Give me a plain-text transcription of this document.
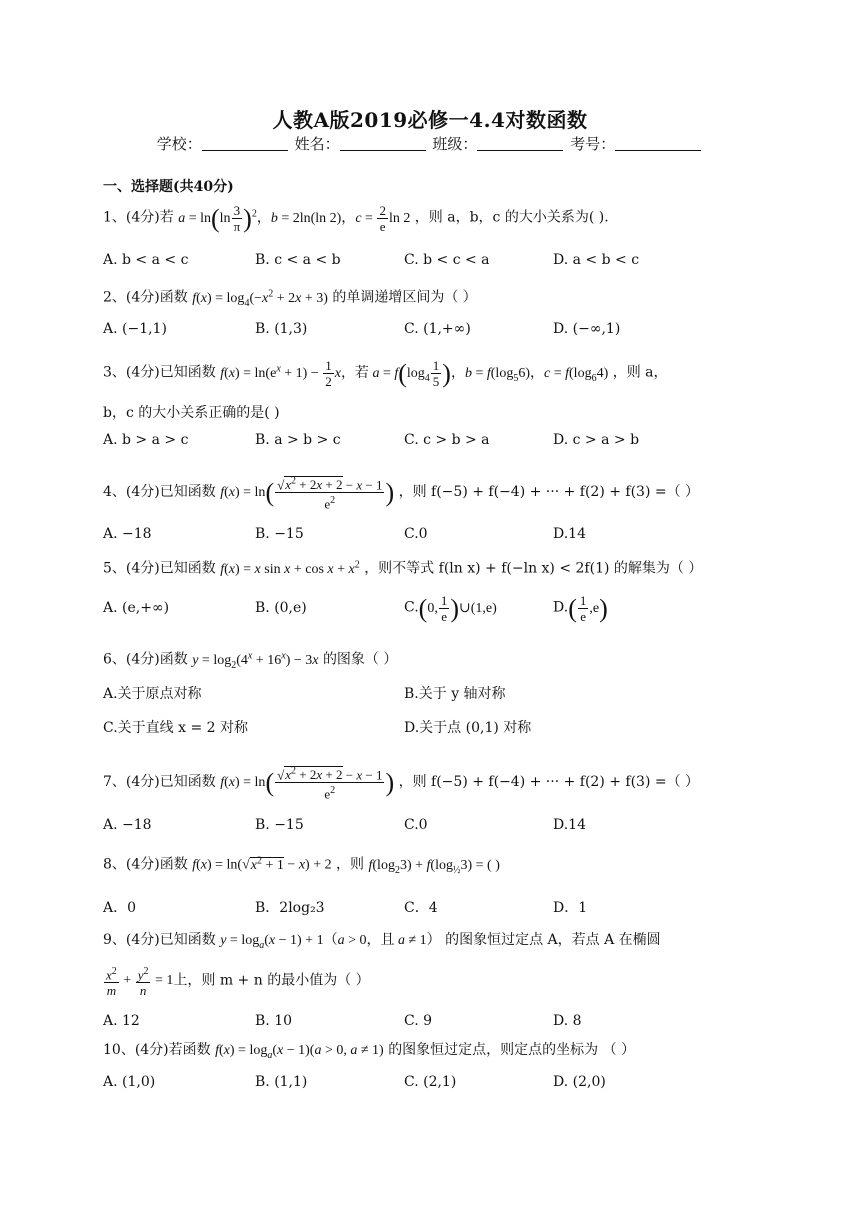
人教A版2019必修一4.4对数函数
学校：	姓名：	班级：	考号：
一、选择题(共40分)
1、(4分)若 $a = \ln(\ln \frac{3}{\pi} )^2$，b = 2ln(ln 2)，$c = \frac{2}{e}$ ln 2 ，则 a，b，c 的大小关系为( ).
A. b < a < c	B. c < a < b	C. b < c < a	D. a < b < c
2、(4分)函数 $f(x) = \log_4(-x^2 + 2x + 3)$ 的单调递增区间为（ ）
A. (−1,1)	B. (1,3)	C. (1,+∞)	D. (−∞,1)
3、(4分)已知函数 $f(x) = \ln(e^x + 1) - \frac{1}{2}$ x，若 $a = f(\log_4 \frac{1}{5}$ )，$b = f(\log_56)$，$c = f(\log_64)$ ，则 a，
b，c 的大小关系正确的是( )
A. b > a > c	B. a > b > c	C. c > b > a	D. c > a > b
4、(4分)已知函数 $f(x) = \ln( \frac{√x^2 + 2x + 2 - x - 1}{e^2}$ ) ，则 f(−5) + f(−4) + ··· + f(2) + f(3) =（ ）
A. −18	B. −15	C.0	D.14
5、(4分)已知函数 f(x) = x $\sin x + \cos x + x^2$ ，则不等式 f(ln x) + f(−ln x) < 2f(1) 的解集为（ ）
A. (e,+∞)	B. (0,e)	C.(0, $\frac{1}{e}$ )∪(1,e)	$D.( \frac{1}{e} ,e)$
6、(4分)函数 $y = \log_2(4^x + 16^x) - 3x$ 的图象（ ）
A.关于原点对称	B.关于 y 轴对称
C.关于直线 x = 2 对称	D.关于点 (0,1) 对称
7、(4分)已知函数 $f(x) = \ln( \frac{√x^2 + 2x + 2 - x - 1}{e^2}$ ) ，则 f(−5) + f(−4) + ··· + f(2) + f(3) =（ ）
A. −18	B. −15	C.0	D.14
8、(4分)函数 $f(x) = \ln(√x^2 + 1 - x) + 2$ ，则 $f(\log_23) + f(\log_{\frac{1}{2}}3)$ = ( )
A．0	B．2log₂3	C．4	D．1
9、(4分)已知函数 $y = \log_a(x - 1) + 1(a > 0$，且 a ≠ 1） 的图象恒过定点 A，若点 A 在椭圆
$\frac{x^2}{m} + \frac{y^2}{n} = 1$上，则 m + n 的最小值为（ ）
A. 12	B. 10	C. 9	D. 8
10、(4分)若函数 $f(x) = \log_a(x - 1)(a > 0$, a ≠ 1) 的图象恒过定点，则定点的坐标为 （ ）
A. (1,0)	B. (1,1)	C. (2,1)	D. (2,0)
